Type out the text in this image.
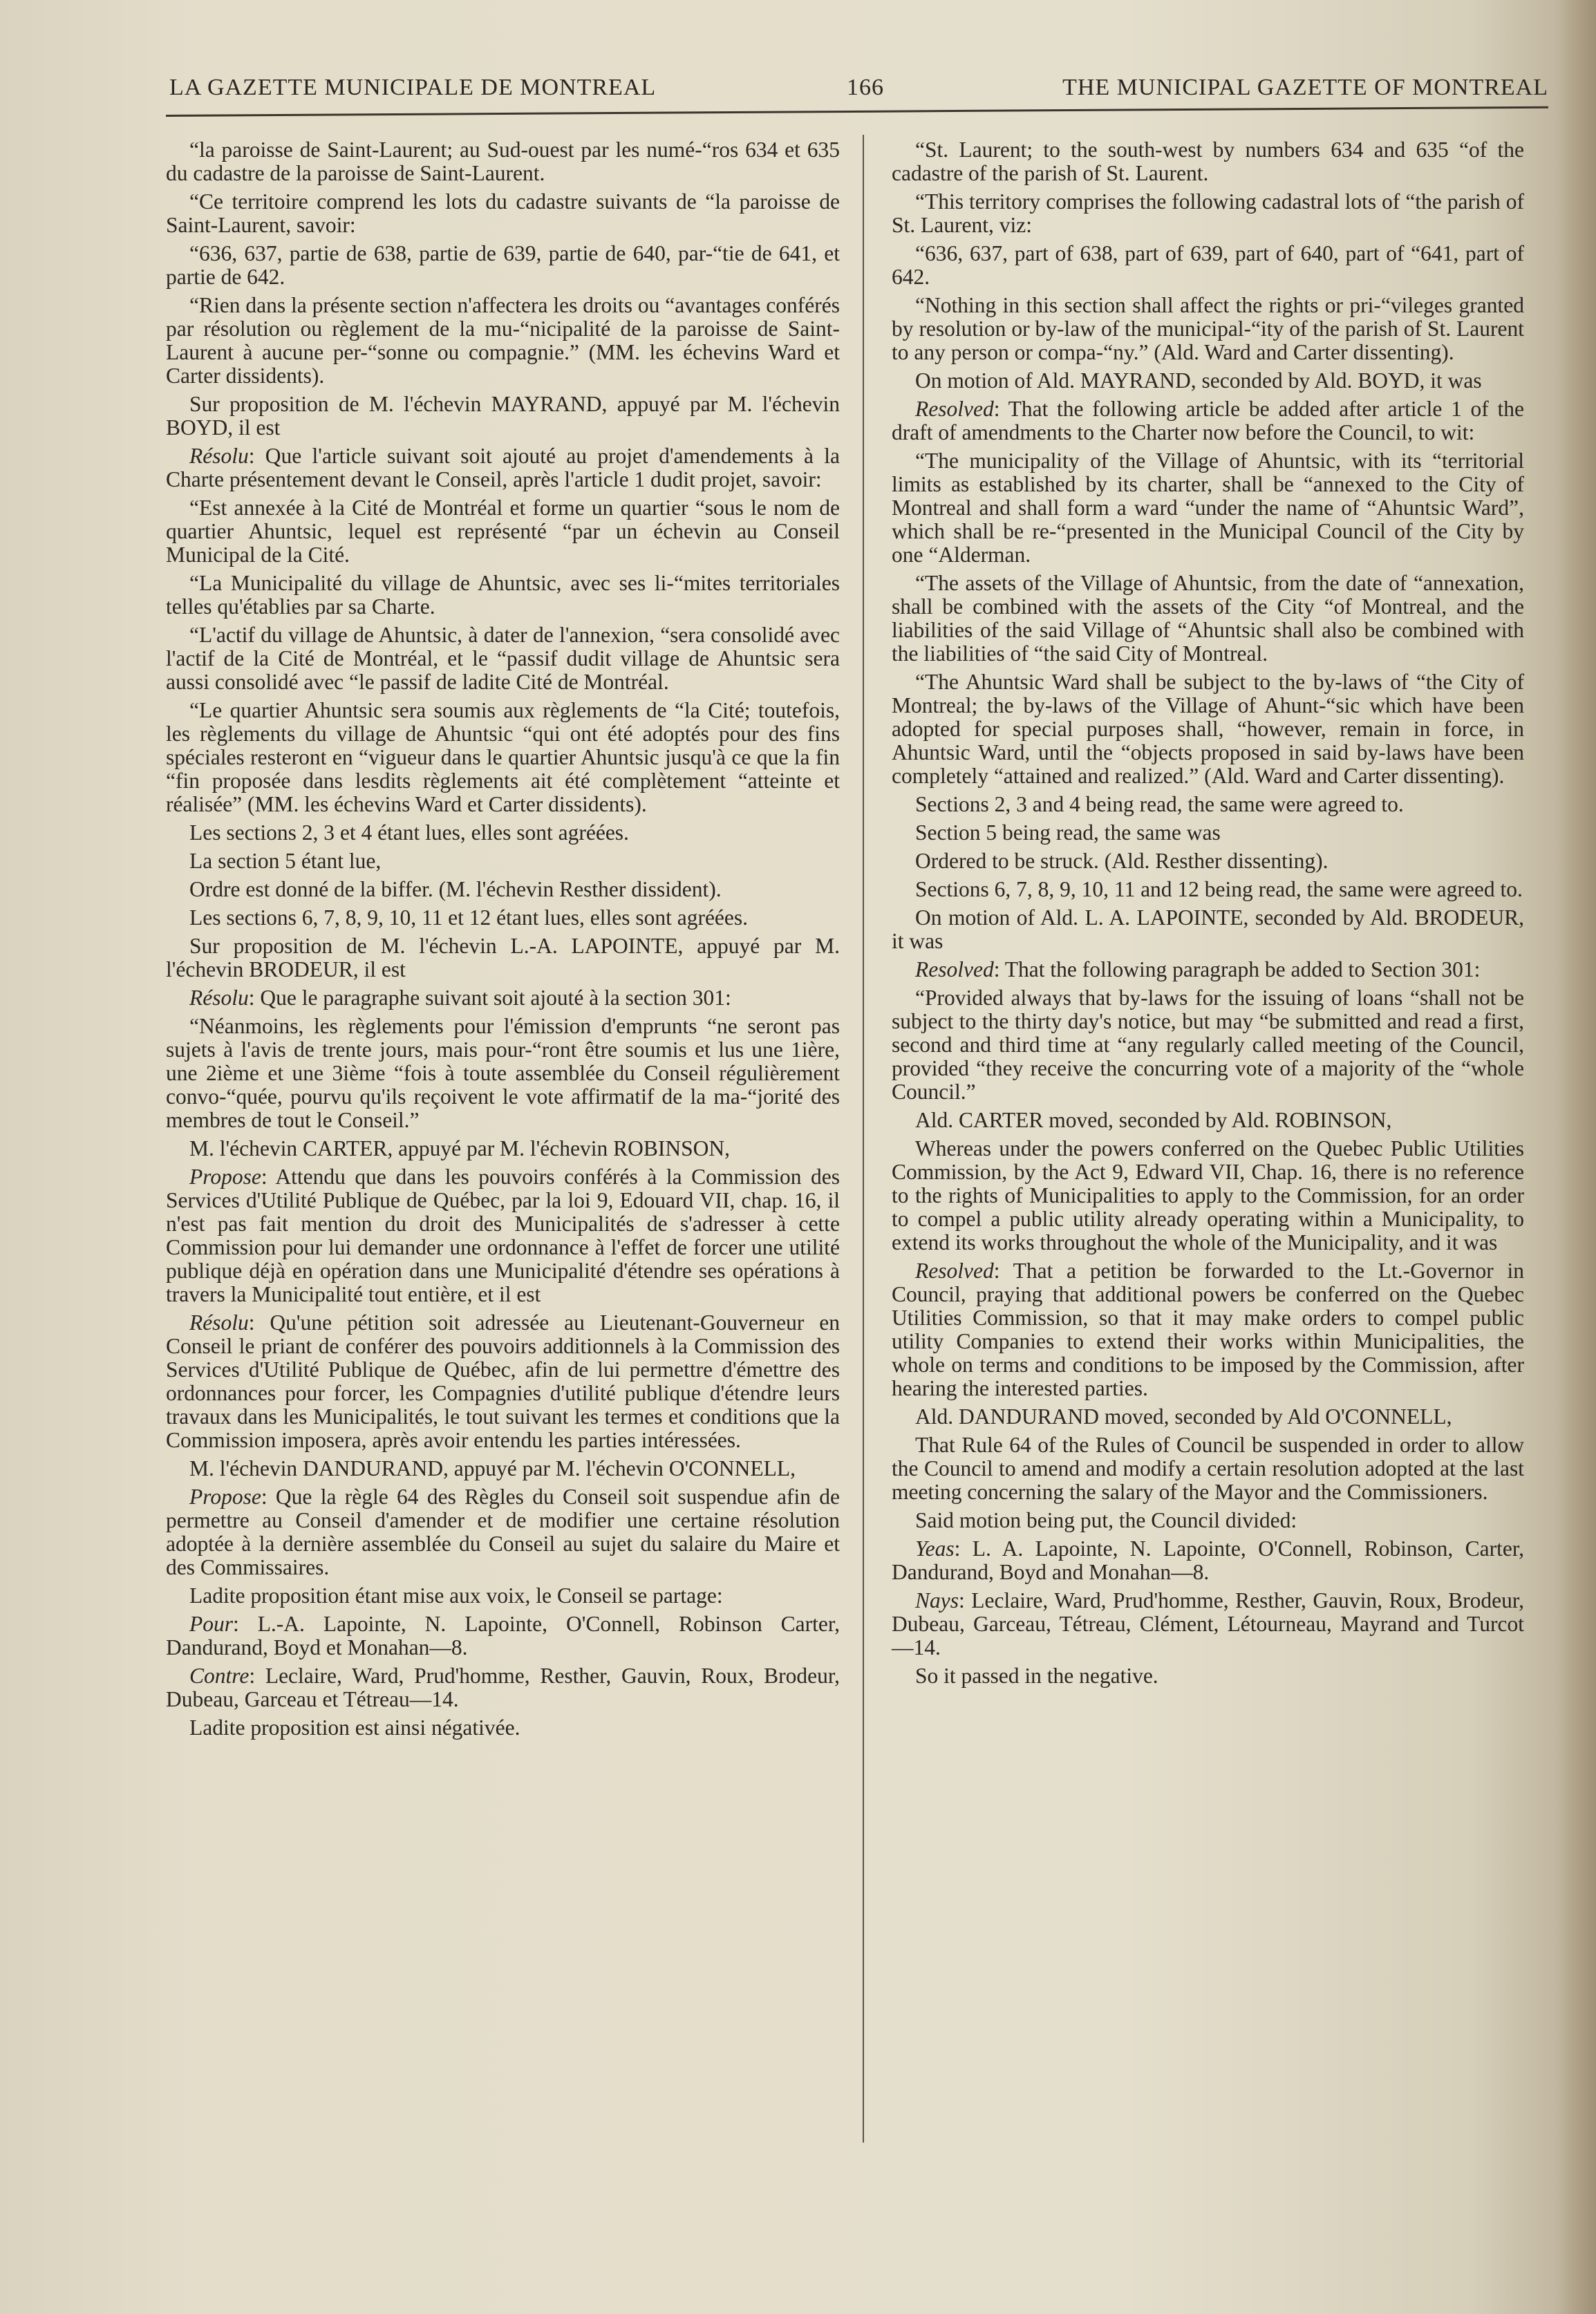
LA GAZETTE MUNICIPALE DE MONTREAL	166	THE MUNICIPAL GAZETTE OF MONTREAL

“la paroisse de Saint-Laurent; au Sud-ouest par les numé-“ros 634 et 635 du cadastre de la paroisse de Saint-Laurent.

“Ce territoire comprend les lots du cadastre suivants de “la paroisse de Saint-Laurent, savoir:

“636, 637, partie de 638, partie de 639, partie de 640, par-“tie de 641, et partie de 642.

“Rien dans la présente section n'affectera les droits ou “avantages conférés par résolution ou règlement de la mu-“nicipalité de la paroisse de Saint-Laurent à aucune per-“sonne ou compagnie.” (MM. les échevins Ward et Carter dissidents).

Sur proposition de M. l'échevin MAYRAND, appuyé par M. l'échevin BOYD, il est

Résolu: Que l'article suivant soit ajouté au projet d'amendements à la Charte présentement devant le Conseil, après l'article 1 dudit projet, savoir:

“Est annexée à la Cité de Montréal et forme un quartier “sous le nom de quartier Ahuntsic, lequel est représenté “par un échevin au Conseil Municipal de la Cité.

“La Municipalité du village de Ahuntsic, avec ses li-“mites territoriales telles qu'établies par sa Charte.

“L'actif du village de Ahuntsic, à dater de l'annexion, “sera consolidé avec l'actif de la Cité de Montréal, et le “passif dudit village de Ahuntsic sera aussi consolidé avec “le passif de ladite Cité de Montréal.

“Le quartier Ahuntsic sera soumis aux règlements de “la Cité; toutefois, les règlements du village de Ahuntsic “qui ont été adoptés pour des fins spéciales resteront en “vigueur dans le quartier Ahuntsic jusqu'à ce que la fin “fin proposée dans lesdits règlements ait été complètement “atteinte et réalisée” (MM. les échevins Ward et Carter dissidents).

Les sections 2, 3 et 4 étant lues, elles sont agréées.

La section 5 étant lue,

Ordre est donné de la biffer. (M. l'échevin Resther dissident).

Les sections 6, 7, 8, 9, 10, 11 et 12 étant lues, elles sont agréées.

Sur proposition de M. l'échevin L.-A. LAPOINTE, appuyé par M. l'échevin BRODEUR, il est

Résolu: Que le paragraphe suivant soit ajouté à la section 301:

“Néanmoins, les règlements pour l'émission d'emprunts “ne seront pas sujets à l'avis de trente jours, mais pour-“ront être soumis et lus une 1ière, une 2ième et une 3ième “fois à toute assemblée du Conseil régulièrement convo-“quée, pourvu qu'ils reçoivent le vote affirmatif de la ma-“jorité des membres de tout le Conseil.”

M. l'échevin CARTER, appuyé par M. l'échevin ROBINSON,

Propose: Attendu que dans les pouvoirs conférés à la Commission des Services d'Utilité Publique de Québec, par la loi 9, Edouard VII, chap. 16, il n'est pas fait mention du droit des Municipalités de s'adresser à cette Commission pour lui demander une ordonnance à l'effet de forcer une utilité publique déjà en opération dans une Municipalité d'étendre ses opérations à travers la Municipalité tout entière, et il est

Résolu: Qu'une pétition soit adressée au Lieutenant-Gouverneur en Conseil le priant de conférer des pouvoirs additionnels à la Commission des Services d'Utilité Publique de Québec, afin de lui permettre d'émettre des ordonnances pour forcer, les Compagnies d'utilité publique d'étendre leurs travaux dans les Municipalités, le tout suivant les termes et conditions que la Commission imposera, après avoir entendu les parties intéressées.

M. l'échevin DANDURAND, appuyé par M. l'échevin O'CONNELL,

Propose: Que la règle 64 des Règles du Conseil soit suspendue afin de permettre au Conseil d'amender et de modifier une certaine résolution adoptée à la dernière assemblée du Conseil au sujet du salaire du Maire et des Commissaires.

Ladite proposition étant mise aux voix, le Conseil se partage:

Pour: L.-A. Lapointe, N. Lapointe, O'Connell, Robinson Carter, Dandurand, Boyd et Monahan—8.

Contre: Leclaire, Ward, Prud'homme, Resther, Gauvin, Roux, Brodeur, Dubeau, Garceau et Tétreau—14.

Ladite proposition est ainsi négativée.

“St. Laurent; to the south-west by numbers 634 and 635 “of the cadastre of the parish of St. Laurent.

“This territory comprises the following cadastral lots of “the parish of St. Laurent, viz:

“636, 637, part of 638, part of 639, part of 640, part of “641, part of 642.

“Nothing in this section shall affect the rights or pri-“vileges granted by resolution or by-law of the municipal-“ity of the parish of St. Laurent to any person or compa-“ny.” (Ald. Ward and Carter dissenting).

On motion of Ald. MAYRAND, seconded by Ald. BOYD, it was

Resolved: That the following article be added after article 1 of the draft of amendments to the Charter now before the Council, to wit:

“The municipality of the Village of Ahuntsic, with its “territorial limits as established by its charter, shall be “annexed to the City of Montreal and shall form a ward “under the name of “Ahuntsic Ward”, which shall be re-“presented in the Municipal Council of the City by one “Alderman.

“The assets of the Village of Ahuntsic, from the date of “annexation, shall be combined with the assets of the City “of Montreal, and the liabilities of the said Village of “Ahuntsic shall also be combined with the liabilities of “the said City of Montreal.

“The Ahuntsic Ward shall be subject to the by-laws of “the City of Montreal; the by-laws of the Village of Ahunt-“sic which have been adopted for special purposes shall, “however, remain in force, in Ahuntsic Ward, until the “objects proposed in said by-laws have been completely “attained and realized.” (Ald. Ward and Carter dissenting).

Sections 2, 3 and 4 being read, the same were agreed to.

Section 5 being read, the same was

Ordered to be struck. (Ald. Resther dissenting).

Sections 6, 7, 8, 9, 10, 11 and 12 being read, the same were agreed to.

On motion of Ald. L. A. LAPOINTE, seconded by Ald. BRODEUR, it was

Resolved: That the following paragraph be added to Section 301:

“Provided always that by-laws for the issuing of loans “shall not be subject to the thirty day's notice, but may “be submitted and read a first, second and third time at “any regularly called meeting of the Council, provided “they receive the concurring vote of a majority of the “whole Council.”

Ald. CARTER moved, seconded by Ald. ROBINSON,

Whereas under the powers conferred on the Quebec Public Utilities Commission, by the Act 9, Edward VII, Chap. 16, there is no reference to the rights of Municipalities to apply to the Commission, for an order to compel a public utility already operating within a Municipality, to extend its works throughout the whole of the Municipality, and it was

Resolved: That a petition be forwarded to the Lt.-Governor in Council, praying that additional powers be conferred on the Quebec Utilities Commission, so that it may make orders to compel public utility Companies to extend their works within Municipalities, the whole on terms and conditions to be imposed by the Commission, after hearing the interested parties.

Ald. DANDURAND moved, seconded by Ald O'CONNELL,

That Rule 64 of the Rules of Council be suspended in order to allow the Council to amend and modify a certain resolution adopted at the last meeting concerning the salary of the Mayor and the Commissioners.

Said motion being put, the Council divided:

Yeas: L. A. Lapointe, N. Lapointe, O'Connell, Robinson, Carter, Dandurand, Boyd and Monahan—8.

Nays: Leclaire, Ward, Prud'homme, Resther, Gauvin, Roux, Brodeur, Dubeau, Garceau, Tétreau, Clément, Létourneau, Mayrand and Turcot—14.

So it passed in the negative.
